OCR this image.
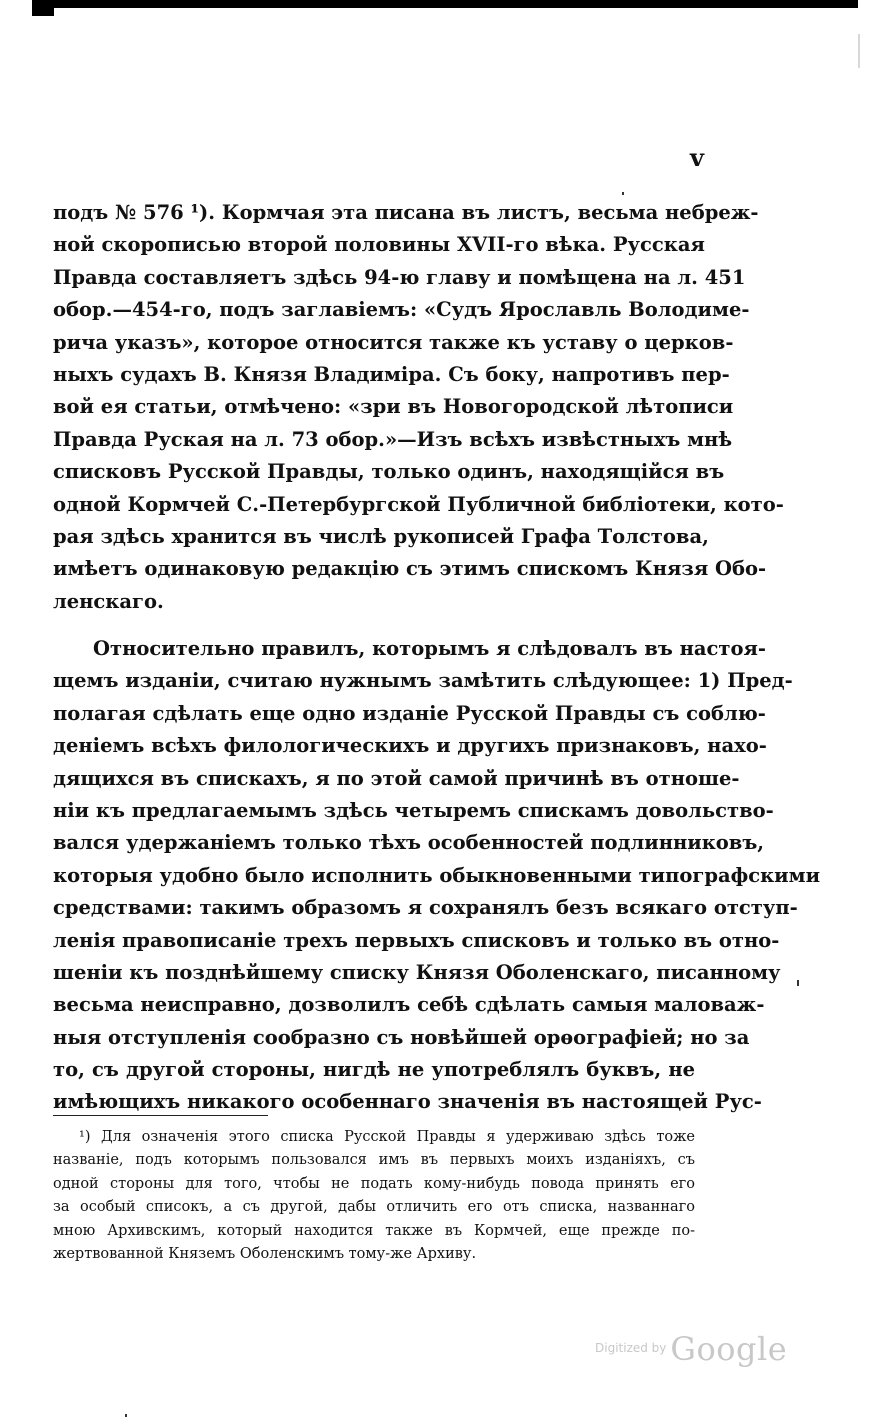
v
подъ № 576 ¹). Кормчая эта писана въ листъ, весьма небреж-
ной скорописью второй половины XVII-го вѣка. Русская
Правда составляетъ здѣсь 94-ю главу и помѣщена на л. 451
обор.—454-го, подъ заглавіемъ: «Судъ Ярославль Володиме-
рича указъ», которое относится также къ уставу о церков-
ныхъ судахъ В. Князя Владиміра. Съ боку, напротивъ пер-
вой ея статьи, отмѣчено: «зри въ Новогородской лѣтописи
Правда Руская на л. 73 обор.»—Изъ всѣхъ извѣстныхъ мнѣ
списковъ Русской Правды, только одинъ, находящійся въ
одной Кормчей С.-Петербургской Публичной библіотеки, кото-
рая здѣсь хранится въ числѣ рукописей Графа Толстова,
имѣетъ одинаковую редакцію съ этимъ спискомъ Князя Обо-
ленскаго.
Относительно правилъ, которымъ я слѣдовалъ въ настоя-
щемъ изданіи, считаю нужнымъ замѣтить слѣдующее: 1) Пред-
полагая сдѣлать еще одно изданіе Русской Правды съ соблю-
деніемъ всѣхъ филологическихъ и другихъ признаковъ, нахо-
дящихся въ спискахъ, я по этой самой причинѣ въ отноше-
ніи къ предлагаемымъ здѣсь четыремъ спискамъ довольство-
вался удержаніемъ только тѣхъ особенностей подлинниковъ,
которыя удобно было исполнить обыкновенными типографскими
средствами: такимъ образомъ я сохранялъ безъ всякаго отступ-
ленія правописаніе трехъ первыхъ списковъ и только въ отно-
шеніи къ позднѣйшему списку Князя Оболенскаго, писанному
весьма неисправно, дозволилъ себѣ сдѣлать самыя маловаж-
ныя отступленія сообразно съ новѣйшей орѳографіей; но за
то, съ другой стороны, нигдѣ не употреблялъ буквъ, не
имѣющихъ никакого особеннаго значенія въ настоящей Рус-
¹) Для означенія этого списка Русской Правды я удерживаю здѣсь тоже
названіе, подъ которымъ пользовался имъ въ первыхъ моихъ изданіяхъ, съ
одной стороны для того, чтобы не подать кому-нибудь повода принять его
за особый списокъ, а съ другой, дабы отличить его отъ списка, названнаго
мною Архивскимъ, который находится также въ Кормчей, еще прежде по-
жертвованной Княземъ Оболенскимъ тому-же Архиву.
$^{Digitized by}$ Google
